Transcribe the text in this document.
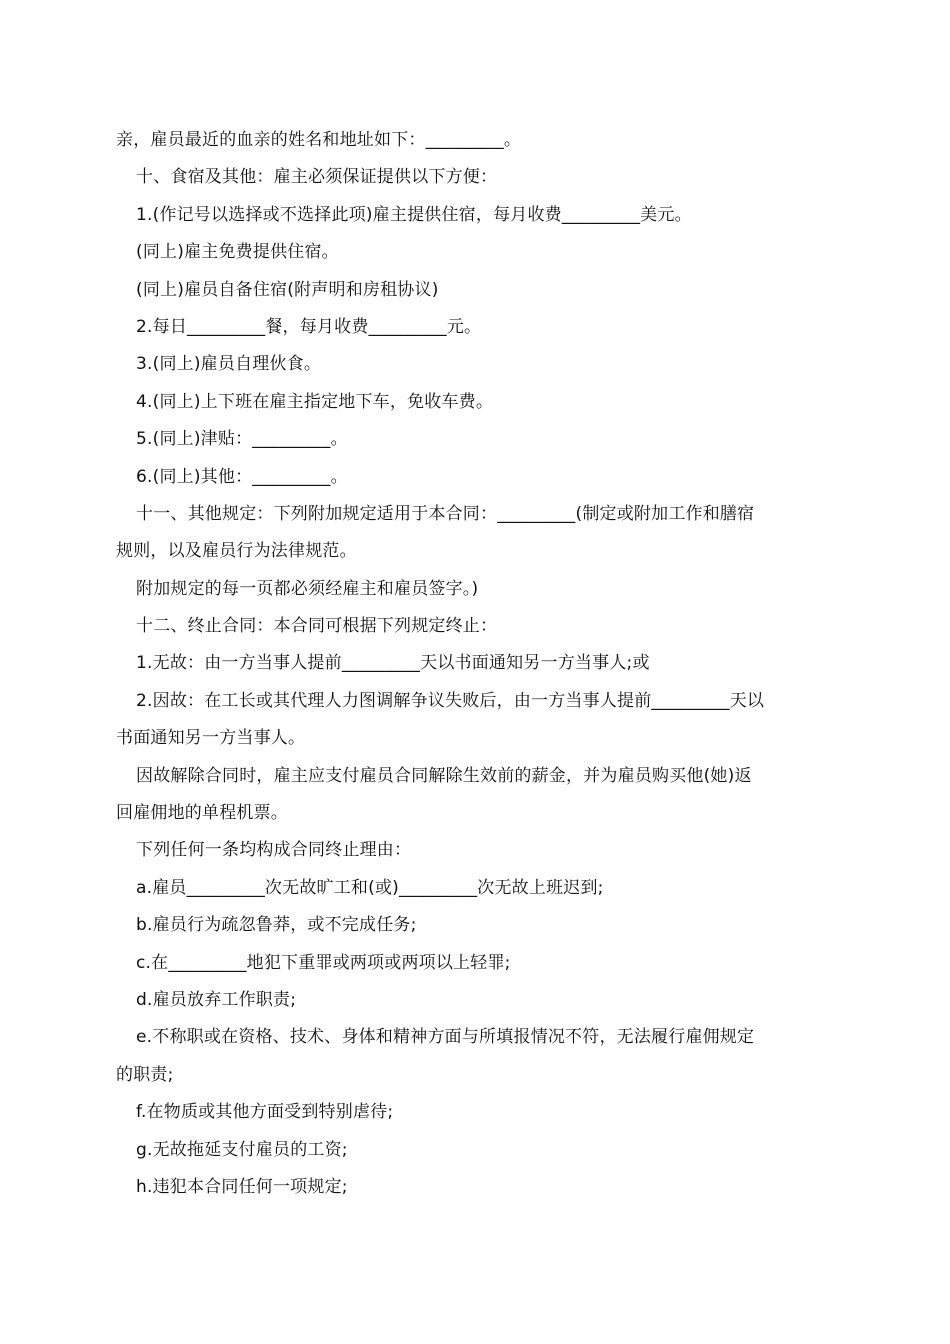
亲，雇员最近的血亲的姓名和地址如下：_________。
十、食宿及其他：雇主必须保证提供以下方便：
1.(作记号以选择或不选择此项)雇主提供住宿，每月收费_________美元。
(同上)雇主免费提供住宿。
(同上)雇员自备住宿(附声明和房租协议)
2.每日_________餐，每月收费_________元。
3.(同上)雇员自理伙食。
4.(同上)上下班在雇主指定地下车，免收车费。
5.(同上)津贴：_________。
6.(同上)其他：_________。
十一、其他规定：下列附加规定适用于本合同：_________(制定或附加工作和膳宿
规则，以及雇员行为法律规范。
附加规定的每一页都必须经雇主和雇员签字。)
十二、终止合同：本合同可根据下列规定终止：
1.无故：由一方当事人提前_________天以书面通知另一方当事人;或
2.因故：在工长或其代理人力图调解争议失败后，由一方当事人提前_________天以
书面通知另一方当事人。
因故解除合同时，雇主应支付雇员合同解除生效前的薪金，并为雇员购买他(她)返
回雇佣地的单程机票。
下列任何一条均构成合同终止理由：
a.雇员_________次无故旷工和(或)_________次无故上班迟到;
b.雇员行为疏忽鲁莽，或不完成任务;
c.在_________地犯下重罪或两项或两项以上轻罪;
d.雇员放弃工作职责;
e.不称职或在资格、技术、身体和精神方面与所填报情况不符，无法履行雇佣规定
的职责;
f.在物质或其他方面受到特别虐待;
g.无故拖延支付雇员的工资;
h.违犯本合同任何一项规定;
